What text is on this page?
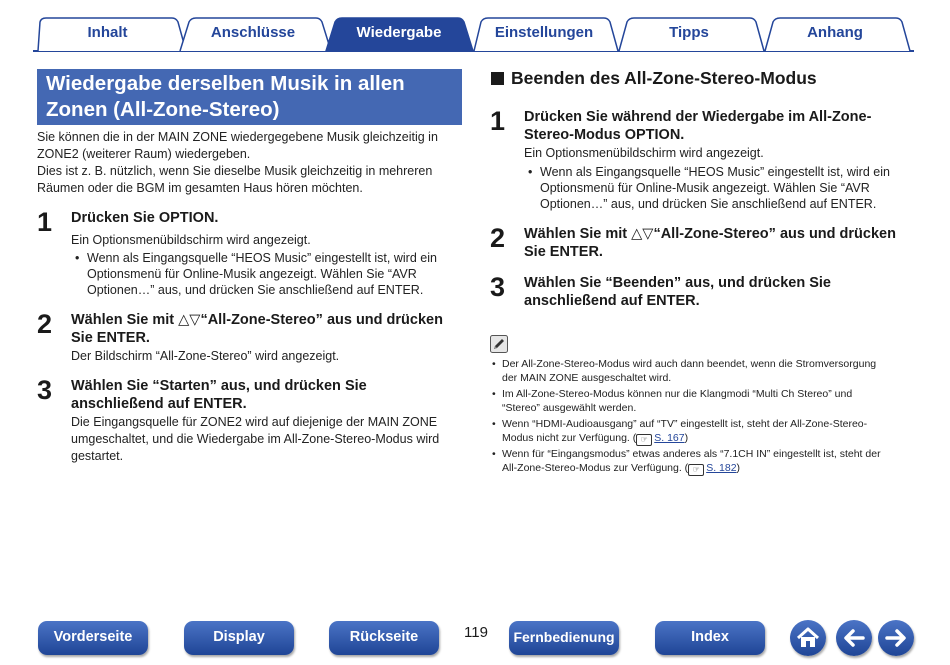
Inhalt	Anschlüsse	Wiedergabe	Einstellungen	Tipps	Anhang
Wiedergabe derselben Musik in allen
Zonen (All-Zone-Stereo)
Sie können die in der MAIN ZONE wiedergegebene Musik gleichzeitig in
ZONE2 (weiterer Raum) wiedergeben.
Dies ist z. B. nützlich, wenn Sie dieselbe Musik gleichzeitig in mehreren
Räumen oder die BGM im gesamten Haus hören möchten.
1 Drücken Sie OPTION.
Ein Optionsmenübildschirm wird angezeigt.
• Wenn als Eingangsquelle “HEOS Music” eingestellt ist, wird ein
Optionsmenü für Online-Musik angezeigt. Wählen Sie “AVR
Optionen…” aus, und drücken Sie anschließend auf ENTER.
2 Wählen Sie mit △▽“All-Zone-Stereo” aus und drücken
Sie ENTER.
Der Bildschirm “All-Zone-Stereo” wird angezeigt.
3 Wählen Sie “Starten” aus, und drücken Sie
anschließend auf ENTER.
Die Eingangsquelle für ZONE2 wird auf diejenige der MAIN ZONE
umgeschaltet, und die Wiedergabe im All-Zone-Stereo-Modus wird
gestartet.
Beenden des All-Zone-Stereo-Modus
1 Drücken Sie während der Wiedergabe im All-Zone-
Stereo-Modus OPTION.
Ein Optionsmenübildschirm wird angezeigt.
• Wenn als Eingangsquelle “HEOS Music” eingestellt ist, wird ein
Optionsmenü für Online-Musik angezeigt. Wählen Sie “AVR
Optionen…” aus, und drücken Sie anschließend auf ENTER.
2 Wählen Sie mit △▽“All-Zone-Stereo” aus und drücken
Sie ENTER.
3 Wählen Sie “Beenden” aus, und drücken Sie
anschließend auf ENTER.
• Der All-Zone-Stereo-Modus wird auch dann beendet, wenn die Stromversorgung
der MAIN ZONE ausgeschaltet wird.
• Im All-Zone-Stereo-Modus können nur die Klangmodi “Multi Ch Stereo” und
“Stereo” ausgewählt werden.
• Wenn “HDMI-Audioausgang” auf “TV” eingestellt ist, steht der All-Zone-Stereo-
Modus nicht zur Verfügung. ( ☞ S. 167)
• Wenn für “Eingangsmodus” etwas anderes als “7.1CH IN” eingestellt ist, steht der
All-Zone-Stereo-Modus zur Verfügung. ( ☞ S. 182)
Vorderseite	Display	Rückseite	119	Fernbedienung	Index
